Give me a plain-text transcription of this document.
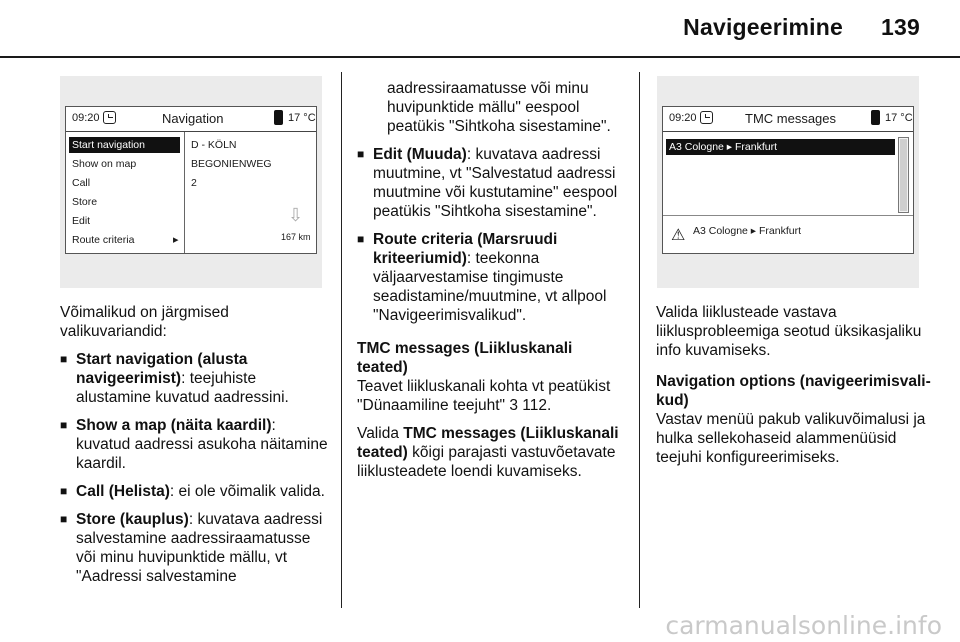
Navigeerimine 139
09:20	Navigation	17 °C
Start navigation
Show on map
Call
Store
Edit
Route criteria	▸
D - KÖLN
BEGONIENWEG
2
⇩
167 km

Võimalikud on järgmised valikuvariandid:

■ Start navigation (alusta navigeerimist): teejuhiste alustamine kuvatud aadressini.
■ Show a map (näita kaardil): kuvatud aadressi asukoha näitamine kaardil.
■ Call (Helista): ei ole võimalik valida.
■ Store (kauplus): kuvatava aadressi salvestamine aadressiraamatusse või minu huvipunktide mällu, vt "Aadressi salvestamine

aadressiraamatusse või minu huvipunktide mällu" eespool peatükis "Sihtkoha sisestamine".

■ Edit (Muuda): kuvatava aadressi muutmine, vt "Salvestatud aadressi muutmine või kustutamine" eespool peatükis "Sihtkoha sisestamine".
■ Route criteria (Marsruudi kriteeriumid): teekonna väljaarvestamise tingimuste seadistamine/muutmine, vt allpool "Navigeerimisvalikud".

TMC messages (Liikluskanali teated)

Teavet liikluskanali kohta vt peatükist "Dünaamiline teejuht" 3 112.

Valida TMC messages (Liikluskanali teated) kõigi parajasti vastuvõetavate liiklusteadete loendi kuvamiseks.

09:20	TMC messages	17 °C
A3 Cologne ▸ Frankfurt
⚠ A3 Cologne ▸ Frankfurt

Valida liiklusteade vastava liiklusprobleemiga seotud üksikasjaliku info kuvamiseks.

Navigation options (navigeerimisvali- kud)

Vastav menüü pakub valikuvõimalusi ja hulka sellekohaseid alammenüüsid teejuhi konfigureerimiseks.

carmanualsonline.info
